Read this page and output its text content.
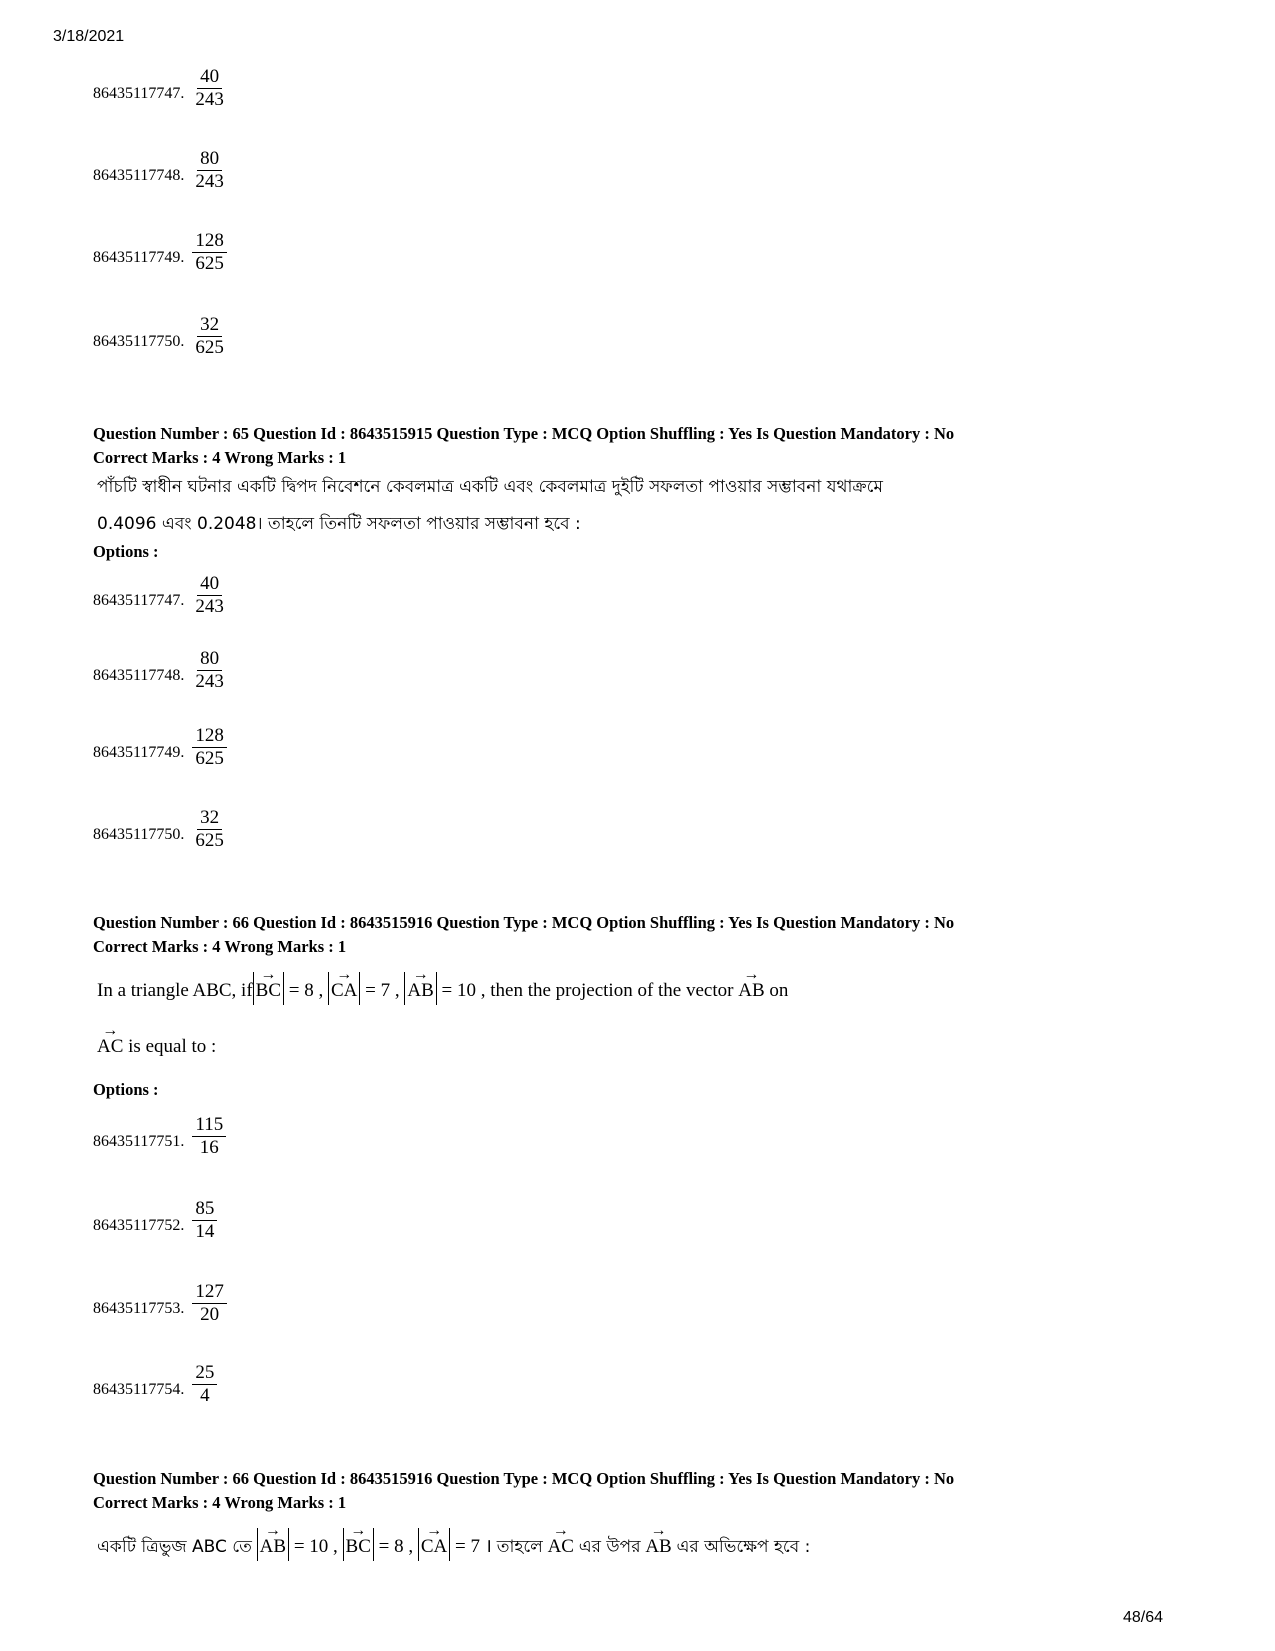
3/18/2021
86435117747. $\frac{40}{243}$
86435117748. $\frac{80}{243}$
86435117749. $\frac{128}{625}$
86435117750. $\frac{32}{625}$
Question Number : 65 Question Id : 8643515915 Question Type : MCQ Option Shuffling : Yes Is Question Mandatory : No
Correct Marks : 4 Wrong Marks : 1
পাঁচটি স্বাধীন ঘটনার একটি দ্বিপদ নিবেশনে কেবলমাত্র একটি এবং কেবলমাত্র দুইটি সফলতা পাওয়ার সম্ভাবনা যথাক্রমে
0.4096 এবং 0.2048। তাহলে তিনটি সফলতা পাওয়ার সম্ভাবনা হবে :
Options :
86435117747. $\frac{40}{243}$
86435117748. $\frac{80}{243}$
86435117749. $\frac{128}{625}$
86435117750. $\frac{32}{625}$
Question Number : 66 Question Id : 8643515916 Question Type : MCQ Option Shuffling : Yes Is Question Mandatory : No
Correct Marks : 4 Wrong Marks : 1
In a triangle ABC, if
→
BC = 8 ,
→
CA = 7 ,
→
AB = 10 , then the projection of the vector
→
AB on
→
AC is equal to :
Options :
86435117751. $\frac{115}{16}$
86435117752. $\frac{85}{14}$
86435117753. $\frac{127}{20}$
86435117754. $\frac{25}{4}$
Question Number : 66 Question Id : 8643515916 Question Type : MCQ Option Shuffling : Yes Is Question Mandatory : No
Correct Marks : 4 Wrong Marks : 1
একটি ত্রিভুজ ABC তে
→
AB = 10 ,
→
BC = 8 ,
→
CA = 7 । তাহলে
→
AC এর উপর
→
AB এর অভিক্ষেপ হবে :
48/64
